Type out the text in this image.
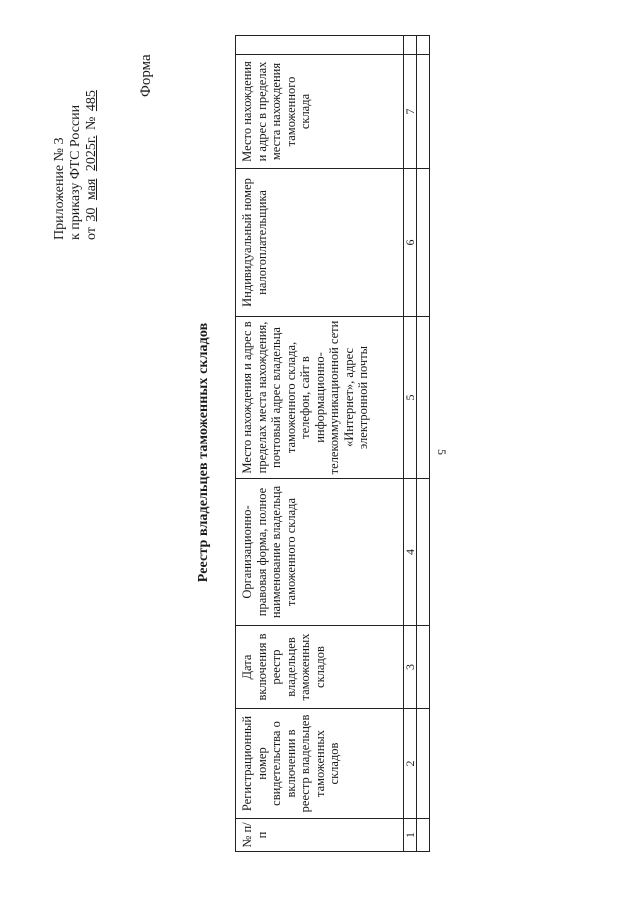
5
Приложение № 3 к приказу ФТС России от 30 мая 2025г. № 485
Форма
Реестр владельцев таможенных складов
№ п/п	Регистрационный номер свидетельства о включении в реестр владельцев таможенных складов	Дата включения в реестр владельцев таможенных складов	Организационно-правовая форма, полное наименование владельца таможенного склада	Место нахождения и адрес в пределах места нахождения, почтовый адрес владельца таможенного склада, телефон, сайт в информационно-телекоммуникационной сети «Интернет», адрес электронной почты	Индивидуальный номер налогоплательщика	Место нахождения и адрес в пределах места нахождения таможенного склада	
1	2	3	4	5	6	7	
